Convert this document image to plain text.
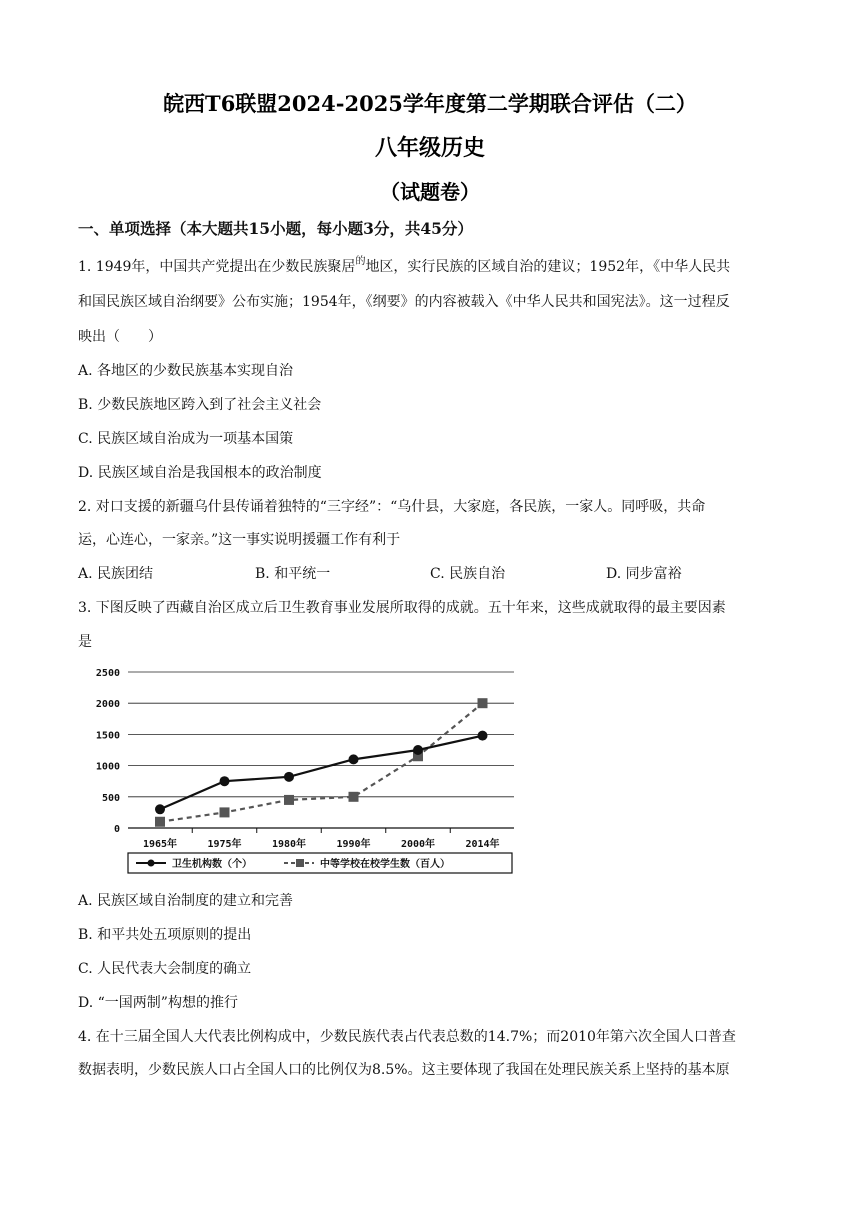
皖西T6联盟2024-2025学年度第二学期联合评估（二）
八年级历史
（试题卷）
一、单项选择（本大题共15小题，每小题3分，共45分）
1. 1949年，中国共产党提出在少数民族聚居$^的$地区，实行民族的区域自治的建议；1952年，《中华人民共
和国民族区域自治纲要》公布实施；1954年，《纲要》的内容被载入《中华人民共和国宪法》。这一过程反
映出（　　）
A. 各地区的少数民族基本实现自治
B. 少数民族地区跨入到了社会主义社会
C. 民族区域自治成为一项基本国策
D. 民族区域自治是我国根本的政治制度
2. 对口支援的新疆乌什县传诵着独特的“三字经”：“乌什县，大家庭，各民族，一家人。同呼吸，共命
运，心连心，一家亲。”这一事实说明援疆工作有利于
A. 民族团结	B. 和平统一	C. 民族自治	D. 同步富裕
3. 下图反映了西藏自治区成立后卫生教育事业发展所取得的成就。五十年来，这些成就取得的最主要因素
是
0
500
1000
1500
2000
2500
1965年	1975年	1980年	1990年	2000年	2014年
卫生机构数（个）	中等学校在校学生数（百人）
A. 民族区域自治制度的建立和完善
B. 和平共处五项原则的提出
C. 人民代表大会制度的确立
D. “一国两制”构想的推行
4. 在十三届全国人大代表比例构成中，少数民族代表占代表总数的14.7%；而2010年第六次全国人口普查
数据表明，少数民族人口占全国人口的比例仅为8.5%。这主要体现了我国在处理民族关系上坚持的基本原
